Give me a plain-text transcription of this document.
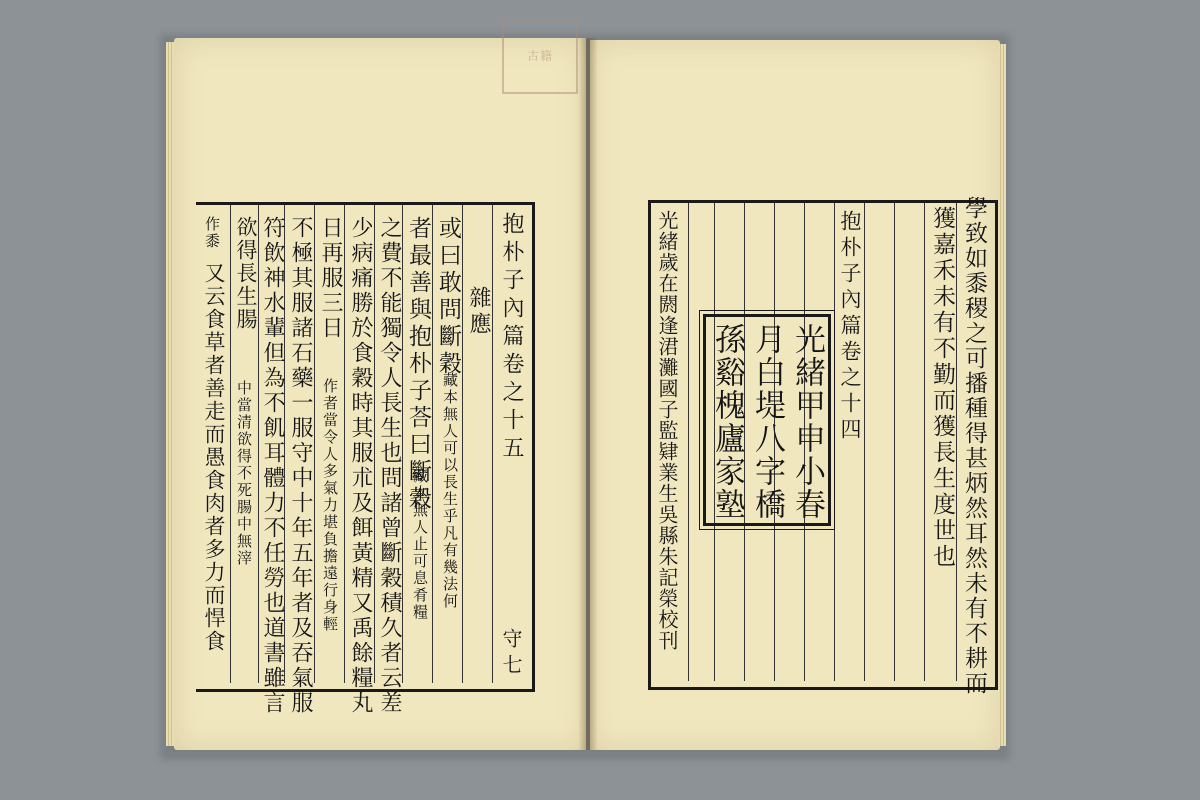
古籍
抱朴子內篇卷之十五
守七
雜應
或曰敢問斷穀
藏本無人可以長生乎凡有幾法何
者最善與抱朴子荅曰斷穀
藏本無人止可息肴糧
之費不能獨令人長生也問諸曾斷穀積久者云差
少病痛勝於食穀時其服朮及餌黃精又禹餘糧丸
日再服三日
作者當令人多氣力堪負擔遠行身輕
不極其服諸石藥一服守中十年五年者及吞氣服
符飲神水輩但為不飢耳體力不任勞也道書雖言
欲得長生腸
中當清欲得不死腸中無滓
作黍
又云食草者善走而愚食肉者多力而悍食	學致如黍稷之可播種得甚炳然耳然未有不耕而
獲嘉禾未有不勤而獲長生度世也
抱朴子內篇卷之十四
光緒甲申小春
月白堤八字橋
孫谿槐廬家塾
光緒歲在閼逢涒灘國子監肄業生吳縣朱記榮校刊
